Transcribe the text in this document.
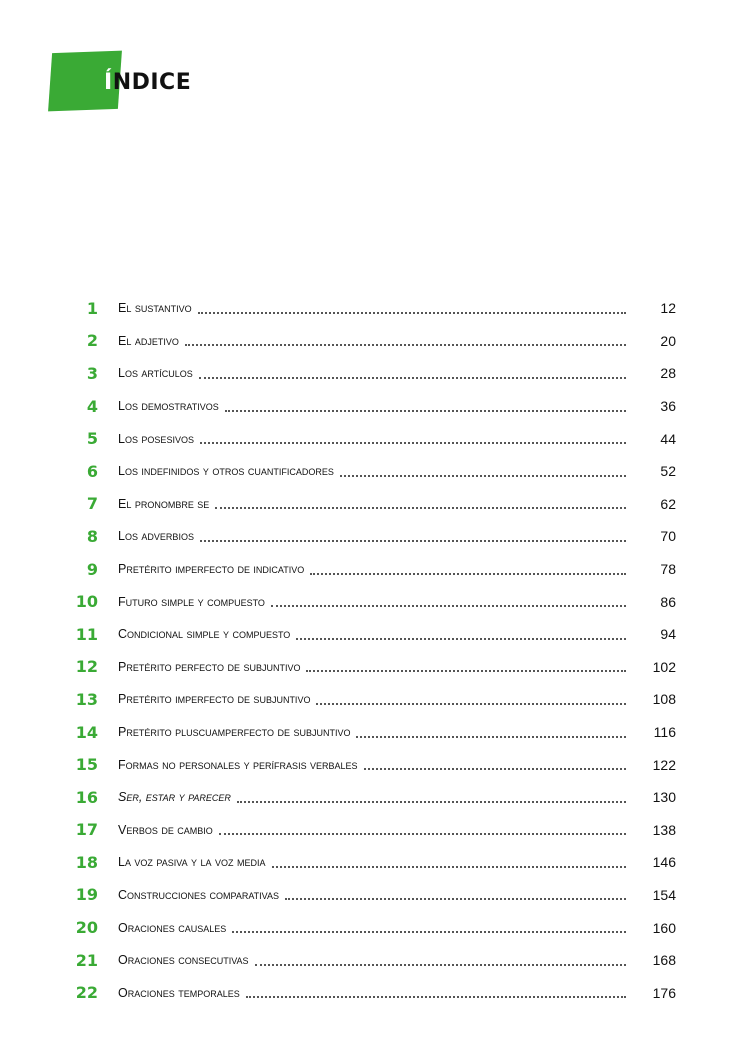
ÍNDICE
1 El sustantivo	12
2 El adjetivo	20
3 Los artículos	28
4 Los demostrativos	36
5 Los posesivos	44
6 Los indefinidos y otros cuantificadores	52
7 El pronombre se	62
8 Los adverbios	70
9 Pretérito imperfecto de indicativo	78
10 Futuro simple y compuesto	86
11 Condicional simple y compuesto	94
12 Pretérito perfecto de subjuntivo	102
13 Pretérito imperfecto de subjuntivo	108
14 Pretérito pluscuamperfecto de subjuntivo	116
15 Formas no personales y perífrasis verbales	122
16 Ser, estar y parecer	130
17 Verbos de cambio	138
18 La voz pasiva y la voz media	146
19 Construcciones comparativas	154
20 Oraciones causales	160
21 Oraciones consecutivas	168
22 Oraciones temporales	176
